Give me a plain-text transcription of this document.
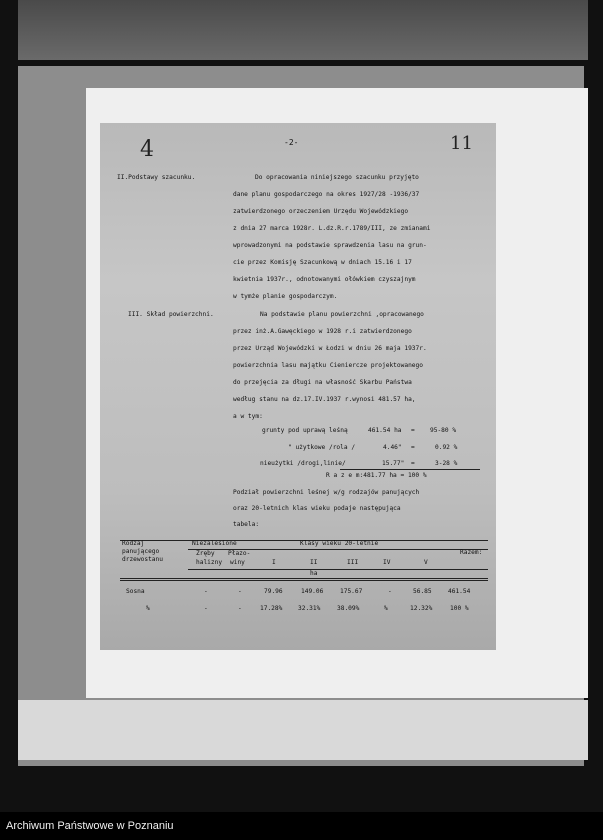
4	11
-2-
II.Podstawy szacunku.	Do opracowania niniejszego szacunku przyjęto
dane planu gospodarczego na okres 1927/28 -1936/37
zatwierdzonego orzeczeniem Urzędu Wojewódzkiego
z dnia 27 marca 1928r. L.dz.R.r.1789/III, ze zmianami
wprowadzonymi na podstawie sprawdzenia lasu na grun-
cie przez Komisję Szacunkową w dniach 15.16 i 17
kwietnia 1937r., odnotowanymi ołówkiem czyszajnym
w tymże planie gospodarczym.
III. Skład powierzchni.	Na podstawie planu powierzchni ,opracowanego
przez inż.A.Gawęckiego w 1928 r.i zatwierdzonego
przez Urząd Wojewódzki w Łodzi w dniu 26 maja 1937r.
powierzchnia lasu majątku Cieniercze projektowanego
do przejęcia za długi na własność Skarbu Państwa
według stanu na dz.17.IV.1937 r.wynosi 481.57 ha,
a w tym:
grunty pod uprawą leśną	461.54 ha = 95-80 %
" użytkowe /rola /	4.46" =	0.92 %
nieużytki /drogi,linie/	15.77" =	3-28 %
R a z e m:481.77 ha = 100 %
Podział powierzchni leśnej w/g rodzajów panujących
oraz 20-letnich klas wieku podaje następująca
tabela:
Rodzaj
panującego
drzewostanu
Niezalesione
Zręby
halizny
Płazo-
winy
Klasy wieku 20-letnie
I	II	III	IV	V
Razem:
ha
Sosna	-	-	79.96	149.06	175.67	-	56.85	461.54
%	-	-	17.28%	32.31%	38.09%	%	12.32%	100 %
Archiwum Państwowe w Poznaniu
